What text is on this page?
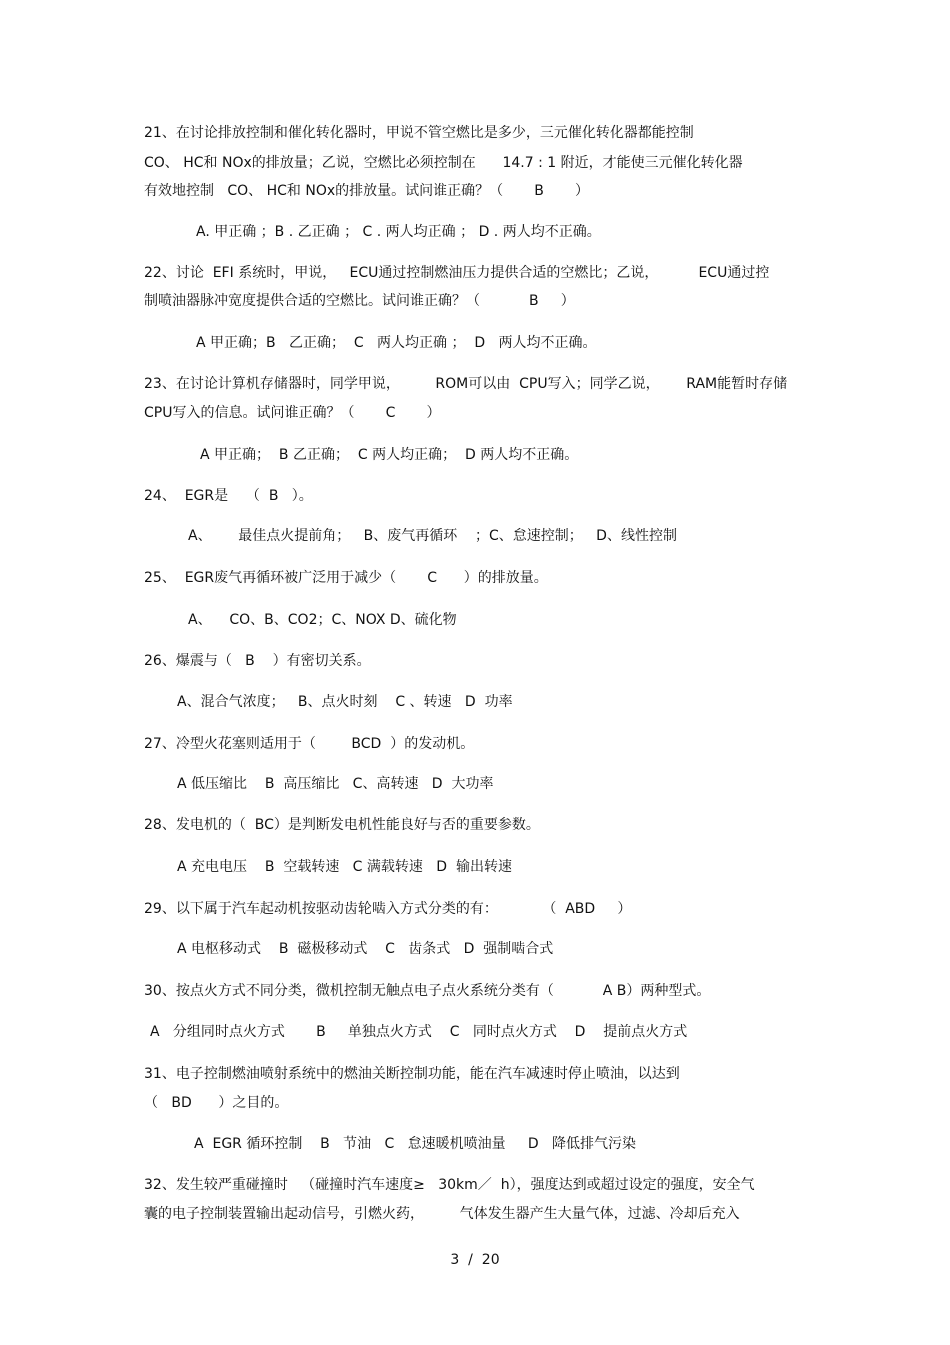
21、在讨论排放控制和催化转化器时，甲说不管空燃比是多少，三元催化转化器都能控制
CO、 HC和 NOx的排放量；乙说，空燃比必须控制在      14.7 : 1 附近，才能使三元催化转化器
有效地控制   CO、 HC和 NOx的排放量。试问谁正确？（       B       ）
A. 甲正确 ；B . 乙正确 ； C . 两人均正确 ； D . 两人均不正确。
22、讨论  EFI 系统时，甲说，   ECU通过控制燃油压力提供合适的空燃比；乙说，         ECU通过控
制喷油器脉冲宽度提供合适的空燃比。试问谁正确？（           B     ）
A 甲正确；B   乙正确；  C   两人均正确 ；  D   两人均不正确。
23、在讨论计算机存储器时，同学甲说，        ROM可以由  CPU写入；同学乙说，      RAM能暂时存储
CPU写入的信息。试问谁正确？（       C       ）
A 甲正确；  B 乙正确；  C 两人均正确；  D 两人均不正确。
24、  EGR是    （  B   ）。
A、      最佳点火提前角；   B、废气再循环    ；C、怠速控制；   D、线性控制
25、  EGR废气再循环被广泛用于减少（       C      ）的排放量。
A、    CO、B、CO2；C、NOX D、硫化物
26、爆震与（   B    ）有密切关系。
A、混合气浓度；   B、点火时刻    C 、转速   D  功率
27、冷型火花塞则适用于（        BCD  ）的发动机。
A 低压缩比    B  高压缩比   C、高转速   D  大功率
28、发电机的（  BC）是判断发电机性能良好与否的重要参数。
A 充电电压    B  空载转速   C 满载转速   D  输出转速
29、以下属于汽车起动机按驱动齿轮啮入方式分类的有：          （  ABD     ）
A 电枢移动式    B  磁极移动式    C   齿条式   D  强制啮合式
30、按点火方式不同分类，微机控制无触点电子点火系统分类有（           A B）两种型式。
A   分组同时点火方式       B     单独点火方式    C   同时点火方式    D    提前点火方式
31、电子控制燃油喷射系统中的燃油关断控制功能，能在汽车减速时停止喷油，以达到
（   BD      ）之目的。
A  EGR 循环控制    B   节油   C   怠速暖机喷油量     D   降低排气污染
32、发生较严重碰撞时   （碰撞时汽车速度≥   30km／  h），强度达到或超过设定的强度，安全气
囊的电子控制装置输出起动信号，引燃火药，        气体发生器产生大量气体，过滤、冷却后充入
3  /  20
